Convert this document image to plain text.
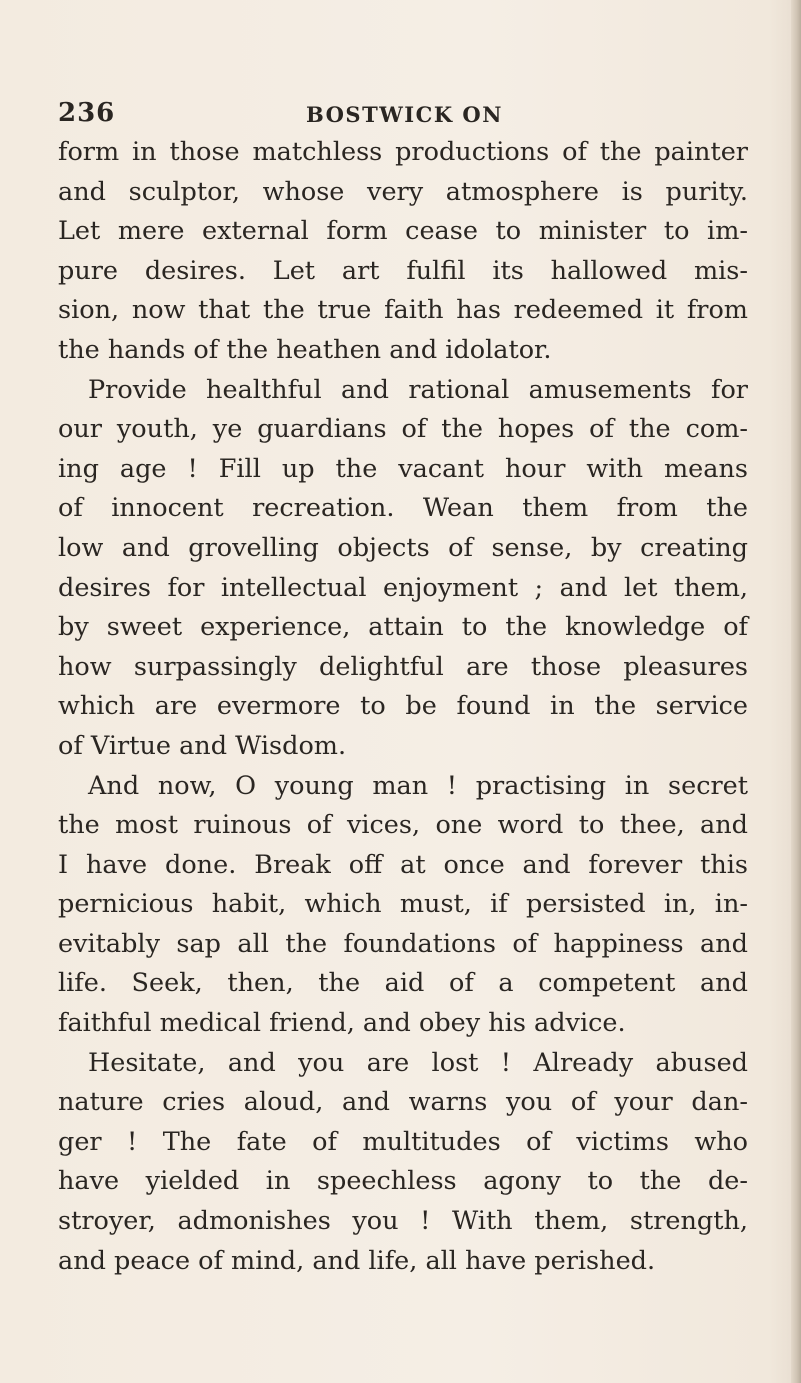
236	BOSTWICK ON
form in those matchless productions of the painter
and sculptor, whose very atmosphere is purity.
Let mere external form cease to minister to im-
pure desires. Let art fulfil its hallowed mis-
sion, now that the true faith has redeemed it from
the hands of the heathen and idolator.
Provide healthful and rational amusements for
our youth, ye guardians of the hopes of the com-
ing age ! Fill up the vacant hour with means
of innocent recreation. Wean them from the
low and grovelling objects of sense, by creating
desires for intellectual enjoyment ; and let them,
by sweet experience, attain to the knowledge of
how surpassingly delightful are those pleasures
which are evermore to be found in the service
of Virtue and Wisdom.
And now, O young man ! practising in secret
the most ruinous of vices, one word to thee, and
I have done. Break off at once and forever this
pernicious habit, which must, if persisted in, in-
evitably sap all the foundations of happiness and
life. Seek, then, the aid of a competent and
faithful medical friend, and obey his advice.
Hesitate, and you are lost ! Already abused
nature cries aloud, and warns you of your dan-
ger ! The fate of multitudes of victims who
have yielded in speechless agony to the de-
stroyer, admonishes you ! With them, strength,
and peace of mind, and life, all have perished.
